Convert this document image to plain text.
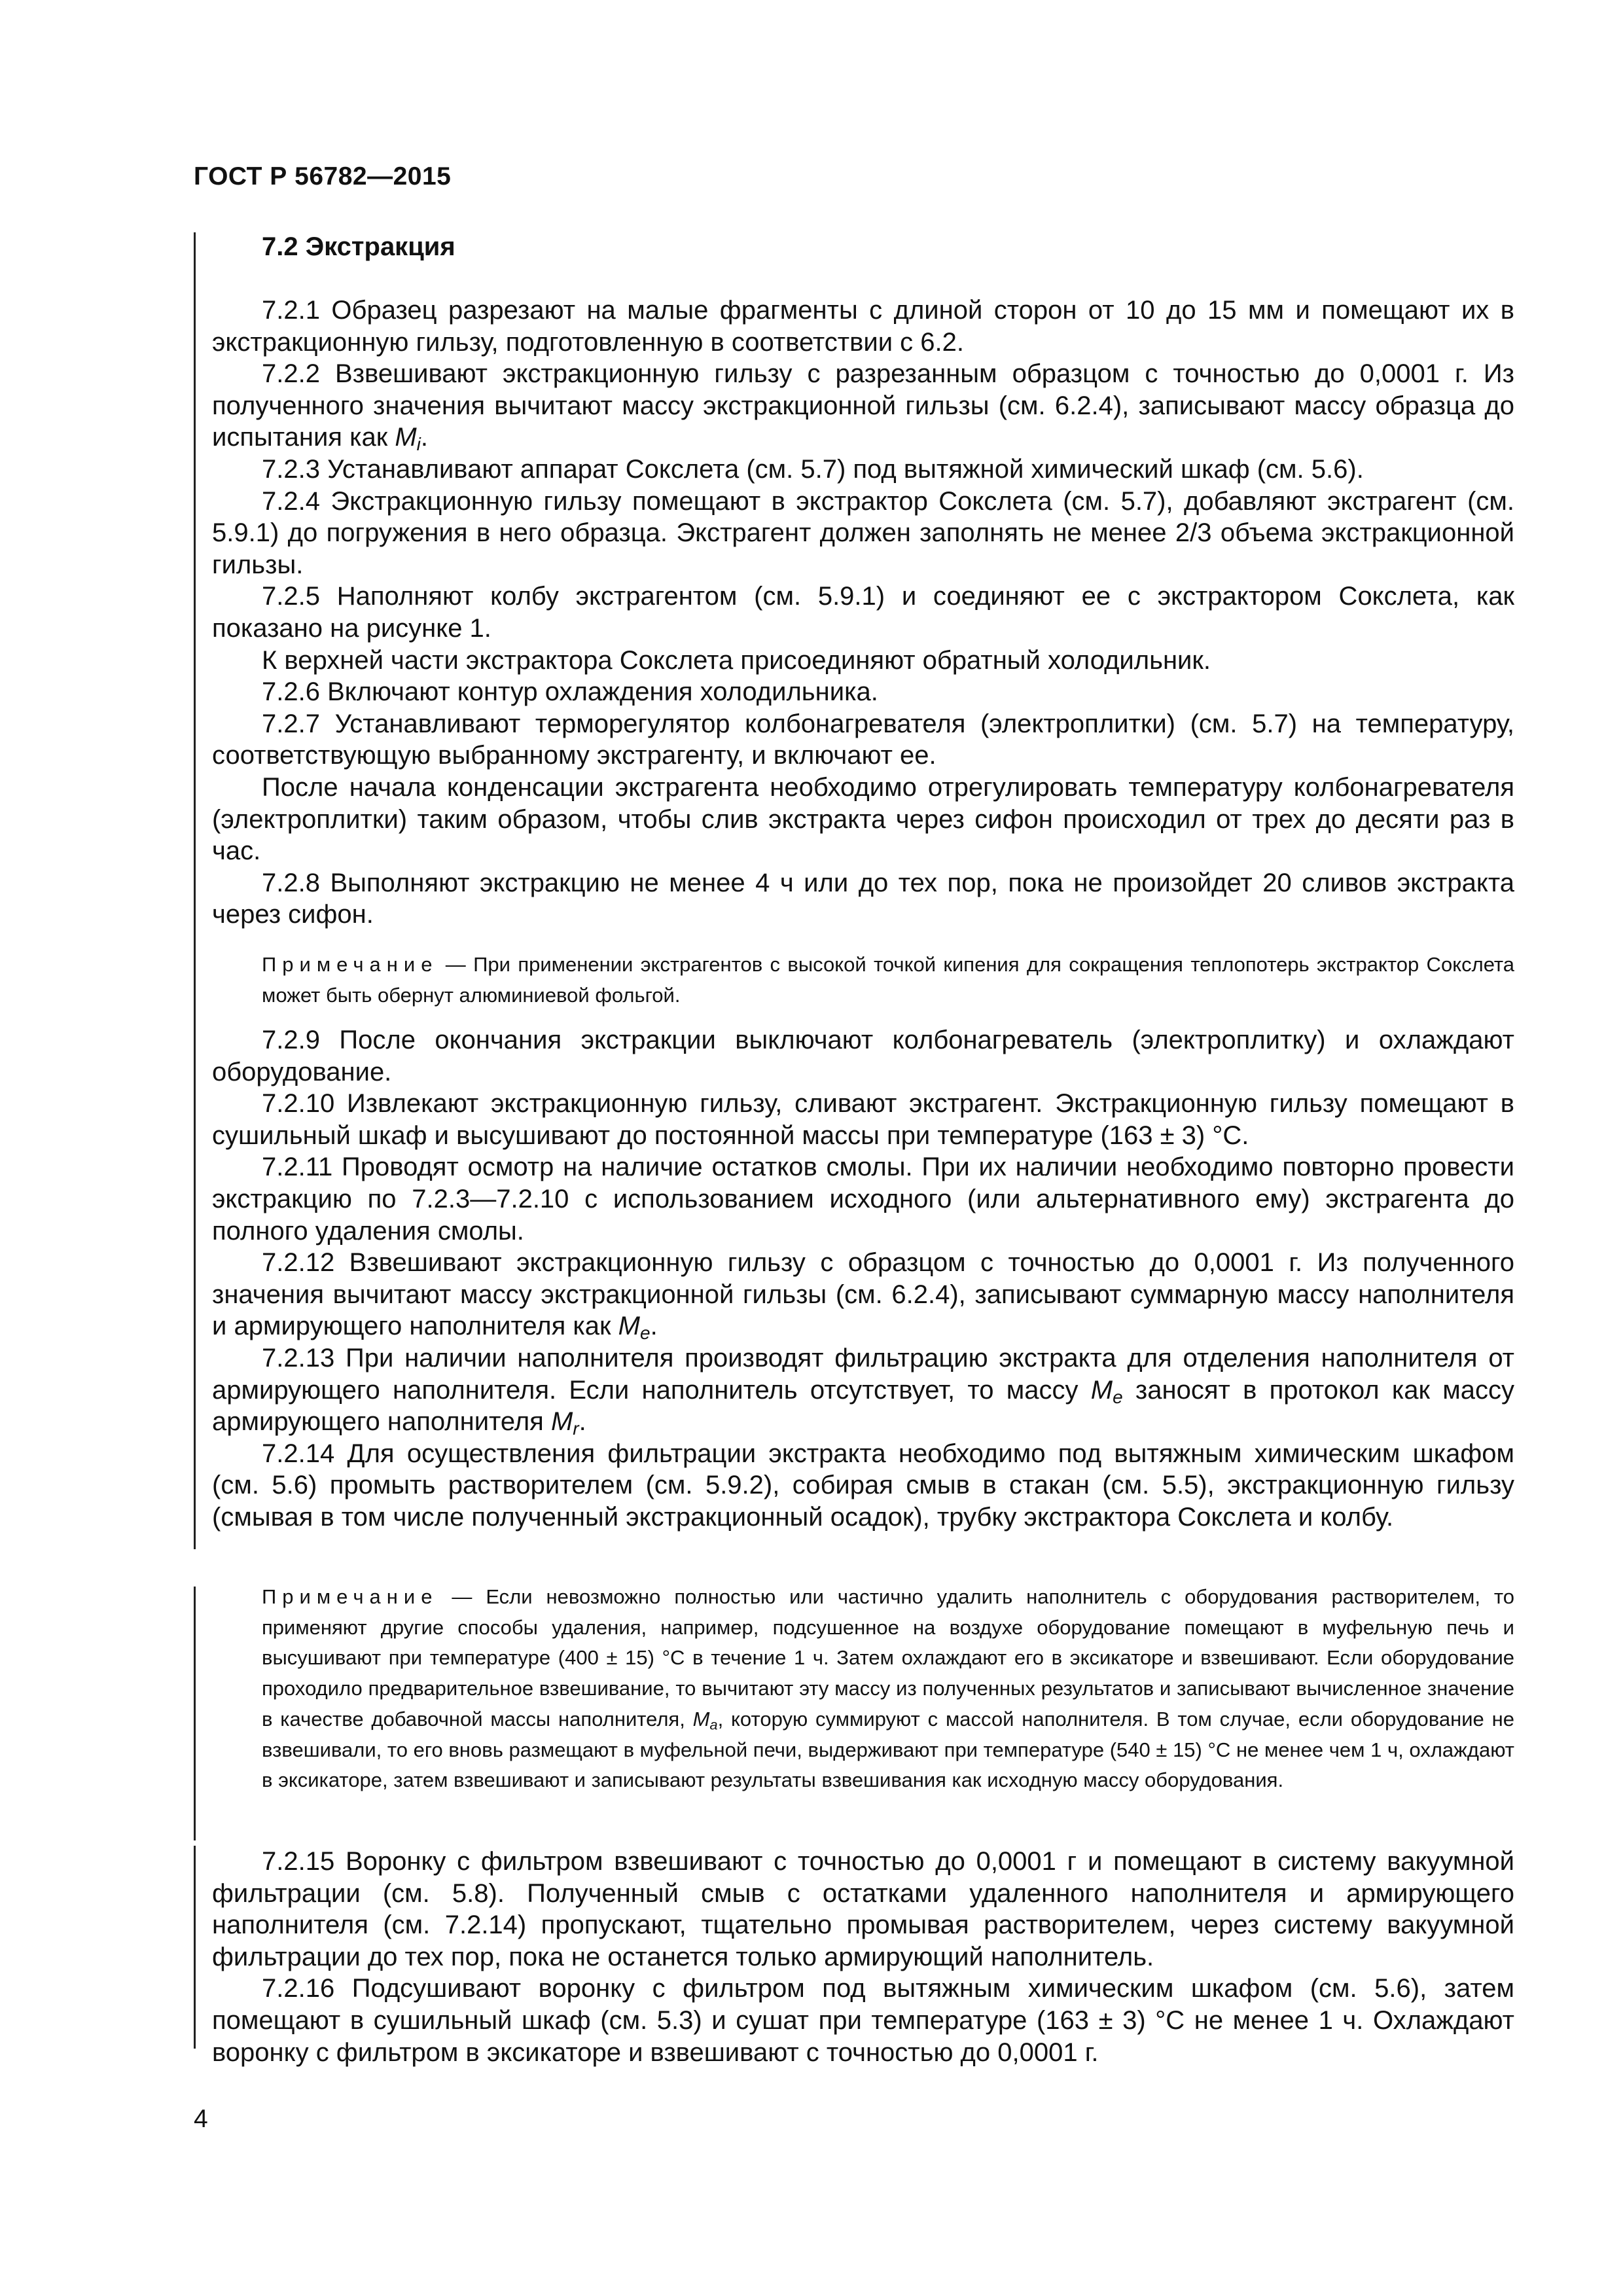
ГОСТ Р 56782—2015
7.2 Экстракция

7.2.1 Образец разрезают на малые фрагменты с длиной сторон от 10 до 15 мм и помещают их в экстракционную гильзу, подготовленную в соответствии с 6.2.

7.2.2 Взвешивают экстракционную гильзу с разрезанным образцом с точностью до 0,0001 г. Из полученного значения вычитают массу экстракционной гильзы (см. 6.2.4), записывают массу образца до испытания как $M_i$.

7.2.3 Устанавливают аппарат Сокслета (см. 5.7) под вытяжной химический шкаф (см. 5.6).

7.2.4 Экстракционную гильзу помещают в экстрактор Сокслета (см. 5.7), добавляют экстрагент (см. 5.9.1) до погружения в него образца. Экстрагент должен заполнять не менее 2/3 объема экстракционной гильзы.

7.2.5 Наполняют колбу экстрагентом (см. 5.9.1) и соединяют ее с экстрактором Сокслета, как показано на рисунке 1.

К верхней части экстрактора Сокслета присоединяют обратный холодильник.

7.2.6 Включают контур охлаждения холодильника.

7.2.7 Устанавливают терморегулятор колбонагревателя (электроплитки) (см. 5.7) на температуру, соответствующую выбранному экстрагенту, и включают ее.

После начала конденсации экстрагента необходимо отрегулировать температуру колбонагревателя (электроплитки) таким образом, чтобы слив экстракта через сифон происходил от трех до десяти раз в час.

7.2.8 Выполняют экстракцию не менее 4 ч или до тех пор, пока не произойдет 20 сливов экстракта через сифон.

Примечание — При применении экстрагентов с высокой точкой кипения для сокращения теплопотерь экстрактор Сокслета может быть обернут алюминиевой фольгой.

7.2.9 После окончания экстракции выключают колбонагреватель (электроплитку) и охлаждают оборудование.

7.2.10 Извлекают экстракционную гильзу, сливают экстрагент. Экстракционную гильзу помещают в сушильный шкаф и высушивают до постоянной массы при температуре (163 ± 3) °С.

7.2.11 Проводят осмотр на наличие остатков смолы. При их наличии необходимо повторно провести экстракцию по 7.2.3—7.2.10 с использованием исходного (или альтернативного ему) экстрагента до полного удаления смолы.

7.2.12 Взвешивают экстракционную гильзу с образцом с точностью до 0,0001 г. Из полученного значения вычитают массу экстракционной гильзы (см. 6.2.4), записывают суммарную массу наполнителя и армирующего наполнителя как $M_e$.

7.2.13 При наличии наполнителя производят фильтрацию экстракта для отделения наполнителя от армирующего наполнителя. Если наполнитель отсутствует, то массу $M_e$ заносят в протокол как массу армирующего наполнителя $M_r$.

7.2.14 Для осуществления фильтрации экстракта необходимо под вытяжным химическим шкафом (см. 5.6) промыть растворителем (см. 5.9.2), собирая смыв в стакан (см. 5.5), экстракционную гильзу (смывая в том числе полученный экстракционный осадок), трубку экстрактора Сокслета и колбу.

Примечание — Если невозможно полностью или частично удалить наполнитель с оборудования растворителем, то применяют другие способы удаления, например, подсушенное на воздухе оборудование помещают в муфельную печь и высушивают при температуре (400 ± 15) °С в течение 1 ч. Затем охлаждают его в эксикаторе и взвешивают. Если оборудование проходило предварительное взвешивание, то вычитают эту массу из полученных результатов и записывают вычисленное значение в качестве добавочной массы наполнителя, $M_a$, которую суммируют с массой наполнителя. В том случае, если оборудование не взвешивали, то его вновь размещают в муфельной печи, выдерживают при температуре (540 ± 15) °С не менее чем 1 ч, охлаждают в эксикаторе, затем взвешивают и записывают результаты взвешивания как исходную массу оборудования.

7.2.15 Воронку с фильтром взвешивают с точностью до 0,0001 г и помещают в систему вакуумной фильтрации (см. 5.8). Полученный смыв с остатками удаленного наполнителя и армирующего наполнителя (см. 7.2.14) пропускают, тщательно промывая растворителем, через систему вакуумной фильтрации до тех пор, пока не останется только армирующий наполнитель.

7.2.16 Подсушивают воронку с фильтром под вытяжным химическим шкафом (см. 5.6), затем помещают в сушильный шкаф (см. 5.3) и сушат при температуре (163 ± 3) °С не менее 1 ч. Охлаждают воронку с фильтром в эксикаторе и взвешивают с точностью до 0,0001 г.

4
